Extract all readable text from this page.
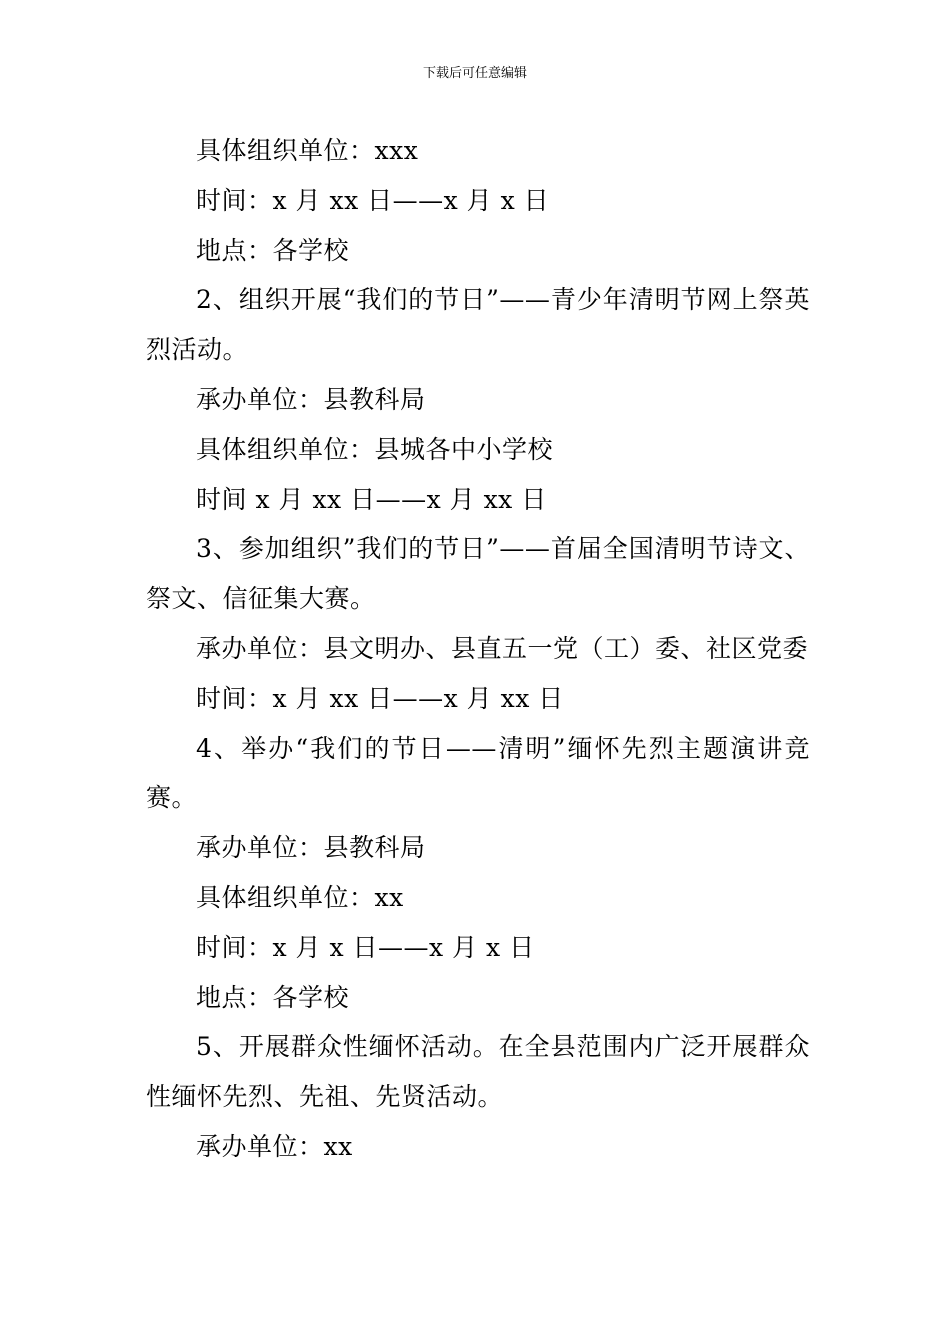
下载后可任意编辑

具体组织单位：xxx

时间：x 月 xx 日——x 月 x 日

地点：各学校

2、组织开展“我们的节日”——青少年清明节网上祭英烈活动。

承办单位：县教科局

具体组织单位：县城各中小学校

时间 x 月 xx 日——x 月 xx 日

3、参加组织”我们的节日”——首届全国清明节诗文、祭文、信征集大赛。

承办单位：县文明办、县直五一党（工）委、社区党委

时间：x 月 xx 日——x 月 xx 日

4、举办“我们的节日——清明”缅怀先烈主题演讲竞赛。

承办单位：县教科局

具体组织单位：xx

时间：x 月 x 日——x 月 x 日

地点：各学校

5、开展群众性缅怀活动。在全县范围内广泛开展群众性缅怀先烈、先祖、先贤活动。

承办单位：xx
